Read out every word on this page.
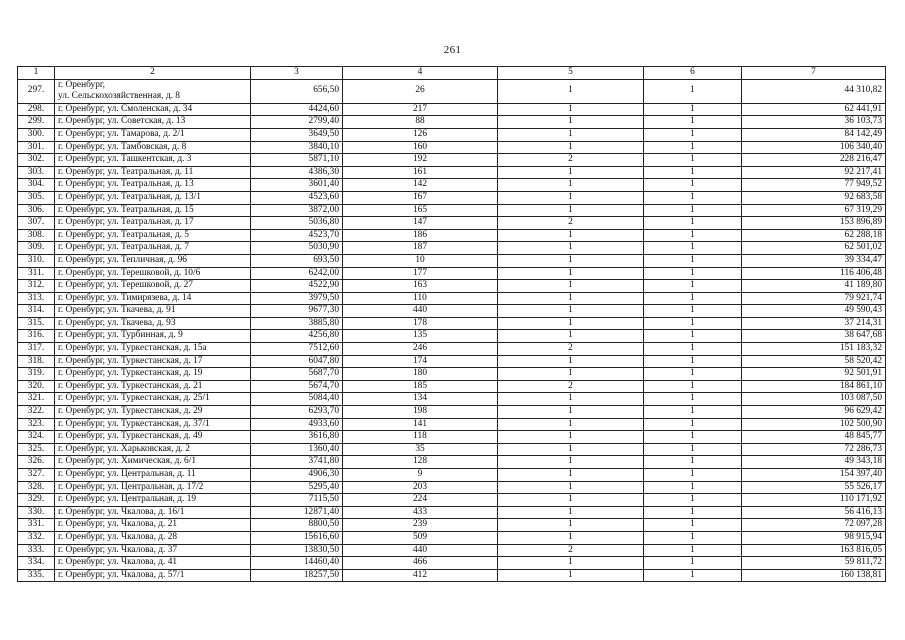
261
1	2	3	4	5	6	7
297.	г. Оренбург,
ул. Сельскохозяйственная, д. 8	656,50	26	1	1	44 310,82
298.	г. Оренбург, ул. Смоленская, д. 34	4424,60	217	1	1	62 441,91
299.	г. Оренбург, ул. Советская, д. 13	2799,40	88	1	1	36 103,73
300.	г. Оренбург, ул. Тамарова, д. 2/1	3649,50	126	1	1	84 142,49
301.	г. Оренбург, ул. Тамбовская, д. 8	3840,10	160	1	1	106 340,40
302.	г. Оренбург, ул. Ташкентская, д. 3	5871,10	192	2	1	228 216,47
303.	г. Оренбург, ул. Театральная, д. 11	4386,30	161	1	1	92 217,41
304.	г. Оренбург, ул. Театральная, д. 13	3601,40	142	1	1	77 949,52
305.	г. Оренбург, ул. Театральная, д. 13/1	4523,60	167	1	1	92 683,58
306.	г. Оренбург, ул. Театральная, д. 15	3872,00	165	1	1	67 319,29
307.	г. Оренбург, ул. Театральная, д. 17	5036,80	147	2	1	153 896,89
308.	г. Оренбург, ул. Театральная, д. 5	4523,70	186	1	1	62 288,18
309.	г. Оренбург, ул. Театральная, д. 7	5030,90	187	1	1	62 501,02
310.	г. Оренбург, ул. Тепличная, д. 96	693,50	10	1	1	39 334,47
311.	г. Оренбург, ул. Терешковой, д. 10/6	6242,00	177	1	1	116 406,48
312.	г. Оренбург, ул. Терешковой, д. 27	4522,90	163	1	1	41 189,80
313.	г. Оренбург, ул. Тимирязева, д. 14	3979,50	110	1	1	79 921,74
314.	г. Оренбург, ул. Ткачева, д. 91	9677,30	440	1	1	49 590,43
315.	г. Оренбург, ул. Ткачева, д. 93	3885,80	178	1	1	37 214,31
316.	г. Оренбург, ул. Турбинная, д. 9	4256,80	135	1	1	38 647,68
317.	г. Оренбург, ул. Туркестанская, д. 15а	7512,60	246	2	1	151 183,32
318.	г. Оренбург, ул. Туркестанская, д. 17	6047,80	174	1	1	58 520,42
319.	г. Оренбург, ул. Туркестанская, д. 19	5687,70	180	1	1	92 501,91
320.	г. Оренбург, ул. Туркестанская, д. 21	5674,70	185	2	1	184 861,10
321.	г. Оренбург, ул. Туркестанская, д. 25/1	5084,40	134	1	1	103 087,50
322.	г. Оренбург, ул. Туркестанская, д. 29	6293,70	198	1	1	96 629,42
323.	г. Оренбург, ул. Туркестанская, д. 37/1	4933,60	141	1	1	102 500,90
324.	г. Оренбург, ул. Туркестанская, д. 49	3616,80	118	1	1	48 845,77
325.	г. Оренбург, ул. Харьковская, д. 2	1360,40	35	1	1	72 286,73
326.	г. Оренбург, ул. Химическая, д. 6/1	3741,80	128	1	1	49 343,18
327.	г. Оренбург, ул. Центральная, д. 11	4906,30	9	1	1	154 397,40
328.	г. Оренбург, ул. Центральная, д. 17/2	5295,40	203	1	1	55 526,17
329.	г. Оренбург, ул. Центральная, д. 19	7115,50	224	1	1	110 171,92
330.	г. Оренбург, ул. Чкалова, д. 16/1	12871,40	433	1	1	56 416,13
331.	г. Оренбург, ул. Чкалова, д. 21	8800,50	239	1	1	72 097,28
332.	г. Оренбург, ул. Чкалова, д. 28	15616,60	509	1	1	98 915,94
333.	г. Оренбург, ул. Чкалова, д. 37	13830,50	440	2	1	163 816,05
334.	г. Оренбург, ул. Чкалова, д. 41	14460,40	466	1	1	59 811,72
335.	г. Оренбург, ул. Чкалова, д. 57/1	18257,50	412	1	1	160 138,81
